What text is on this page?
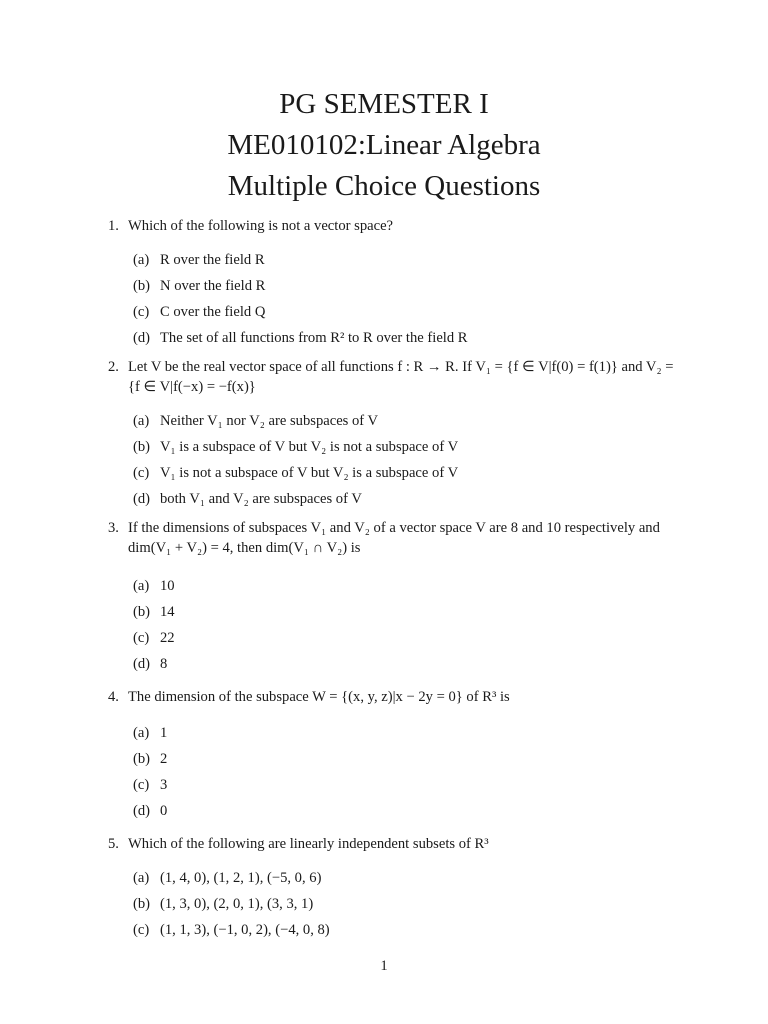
PG SEMESTER I
ME010102:Linear Algebra
Multiple Choice Questions
1. Which of the following is not a vector space?
(a) R over the field R
(b) N over the field R
(c) C over the field Q
(d) The set of all functions from R² to R over the field R
2. Let V be the real vector space of all functions f : R → R. If V₁ = {f ∈ V|f(0) = f(1)} and V₂ = {f ∈ V|f(−x) = −f(x)}
(a) Neither V₁ nor V₂ are subspaces of V
(b) V₁ is a subspace of V but V₂ is not a subspace of V
(c) V₁ is not a subspace of V but V₂ is a subspace of V
(d) both V₁ and V₂ are subspaces of V
3. If the dimensions of subspaces V₁ and V₂ of a vector space V are 8 and 10 respectively and dim(V₁ + V₂) = 4, then dim(V₁ ∩ V₂) is
(a) 10
(b) 14
(c) 22
(d) 8
4. The dimension of the subspace W = {(x, y, z)|x − 2y = 0} of R³ is
(a) 1
(b) 2
(c) 3
(d) 0
5. Which of the following are linearly independent subsets of R³
(a) (1, 4, 0), (1, 2, 1), (−5, 0, 6)
(b) (1, 3, 0), (2, 0, 1), (3, 3, 1)
(c) (1, 1, 3), (−1, 0, 2), (−4, 0, 8)
1
